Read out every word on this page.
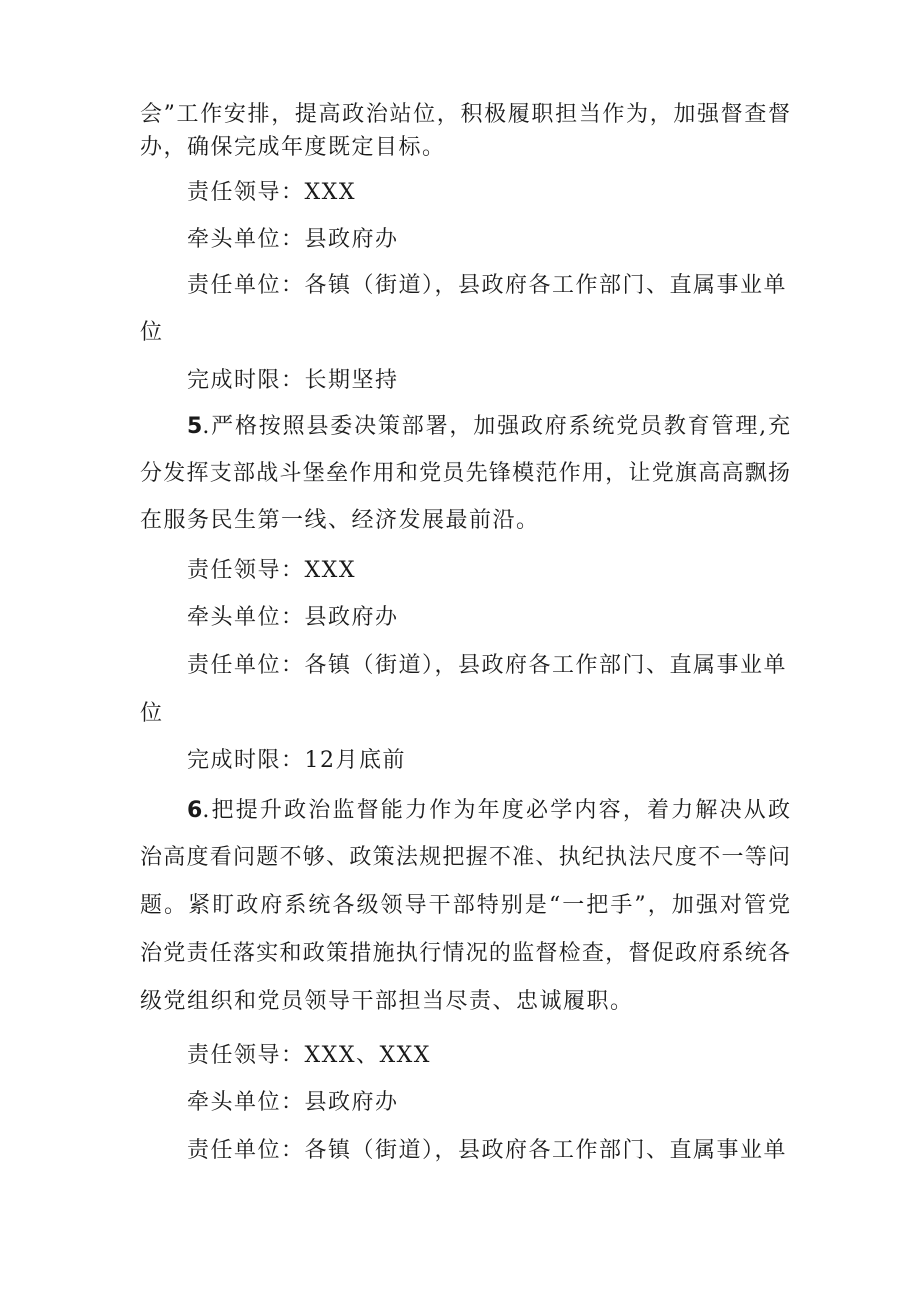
会”工作安排，提高政治站位，积极履职担当作为，加强督查督

办，确保完成年度既定目标。

责任领导：XXX

牵头单位：县政府办

责任单位：各镇（街道），县政府各工作部门、直属事业单

位

完成时限：长期坚持

5.严格按照县委决策部署，加强政府系统党员教育管理,充

分发挥支部战斗堡垒作用和党员先锋模范作用，让党旗高高飘扬

在服务民生第一线、经济发展最前沿。

责任领导：XXX

牵头单位：县政府办

责任单位：各镇（街道），县政府各工作部门、直属事业单

位

完成时限：12月底前

6.把提升政治监督能力作为年度必学内容，着力解决从政

治高度看问题不够、政策法规把握不准、执纪执法尺度不一等问

题。紧盯政府系统各级领导干部特别是“一把手”，加强对管党

治党责任落实和政策措施执行情况的监督检查，督促政府系统各

级党组织和党员领导干部担当尽责、忠诚履职。

责任领导：XXX、XXX

牵头单位：县政府办

责任单位：各镇（街道），县政府各工作部门、直属事业单
